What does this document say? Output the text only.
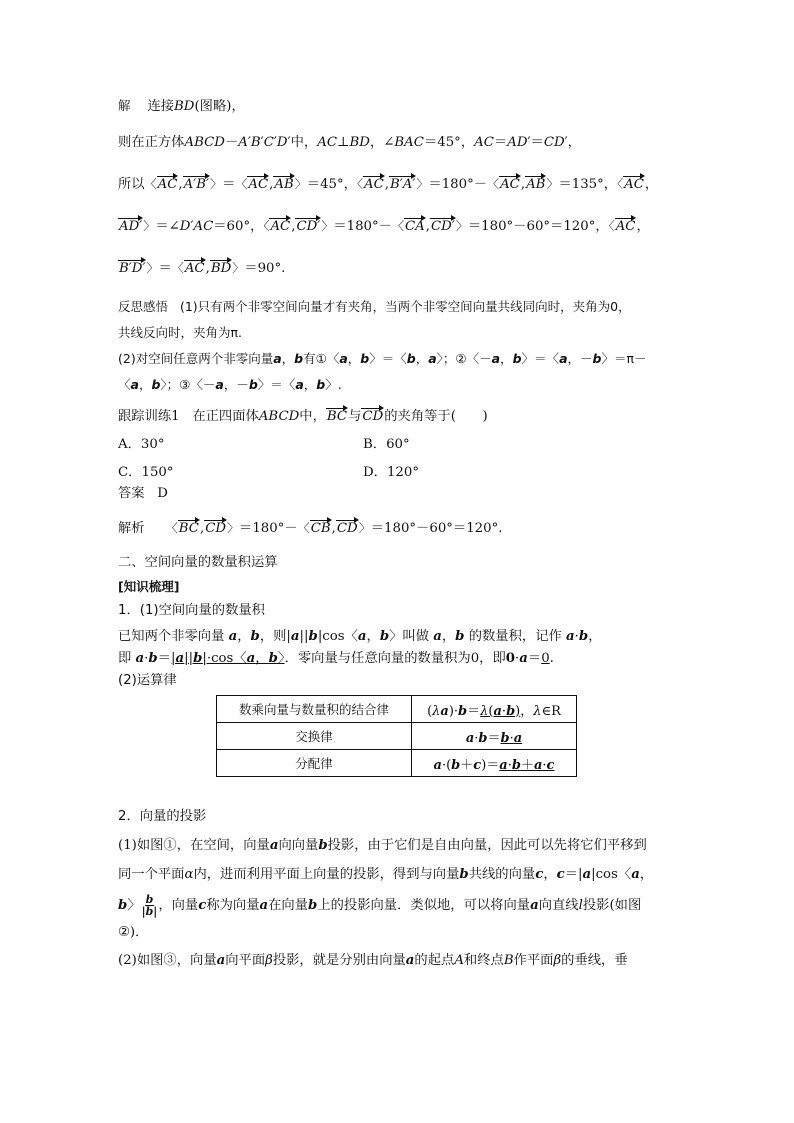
解 连接BD(图略)，

则在正方体ABCD－A′B′C′D′中，AC⊥BD，∠BAC＝45°，AC＝AD′＝CD′，

所以〈AC,A′B′〉＝〈AC,AB〉＝45°，〈AC,B′A′〉＝180°－〈AC,AB〉＝135°，〈AC，

AD′〉＝∠D′AC＝60°，〈AC,CD′〉＝180°－〈CA,CD′〉＝180°－60°＝120°，〈AC，

B′D′〉＝〈AC,BD〉＝90°.

反思感悟 (1)只有两个非零空间向量才有夹角，当两个非零空间向量共线同向时，夹角为0，

共线反向时，夹角为π.

(2)对空间任意两个非零向量a，b有①〈a，b〉＝〈b，a〉；②〈－a，b〉＝〈a，－b〉＝π－

〈a，b〉；③〈－a，－b〉＝〈a，b〉.

跟踪训练1   在正四面体ABCD中，BC与CD的夹角等于(　　)

A．30°	B．60°
C．150°	D．120°

答案 D

解析 〈BC,CD〉＝180°－〈CB,CD〉＝180°－60°＝120°.

二、空间向量的数量积运算

[知识梳理]

1．(1)空间向量的数量积

已知两个非零向量 a，b，则|a||b|cos〈a，b〉叫做 a，b 的数量积，记作 a·b，

即 a·b＝|a||b|·cos〈a，b〉．零向量与任意向量的数量积为0，即0·a＝0.

(2)运算律

数乘向量与数量积的结合律	(λa)·b＝λ(a·b)，λ∈R
交换律	a·b＝b·a
分配律	a·(b＋c)＝a·b＋a·c

2．向量的投影

(1)如图①，在空间，向量a向向量b投影，由于它们是自由向量，因此可以先将它们平移到

同一个平面α内，进而利用平面上向量的投影，得到与向量b共线的向量c，c＝|a|cos〈a，

b〉 $\frac{b}{|b|}$ ，向量c称为向量a在向量b上的投影向量．类似地，可以将向量a向直线l投影(如图

②)．

(2)如图③，向量a向平面β投影，就是分别由向量a的起点A和终点B作平面β的垂线，垂
